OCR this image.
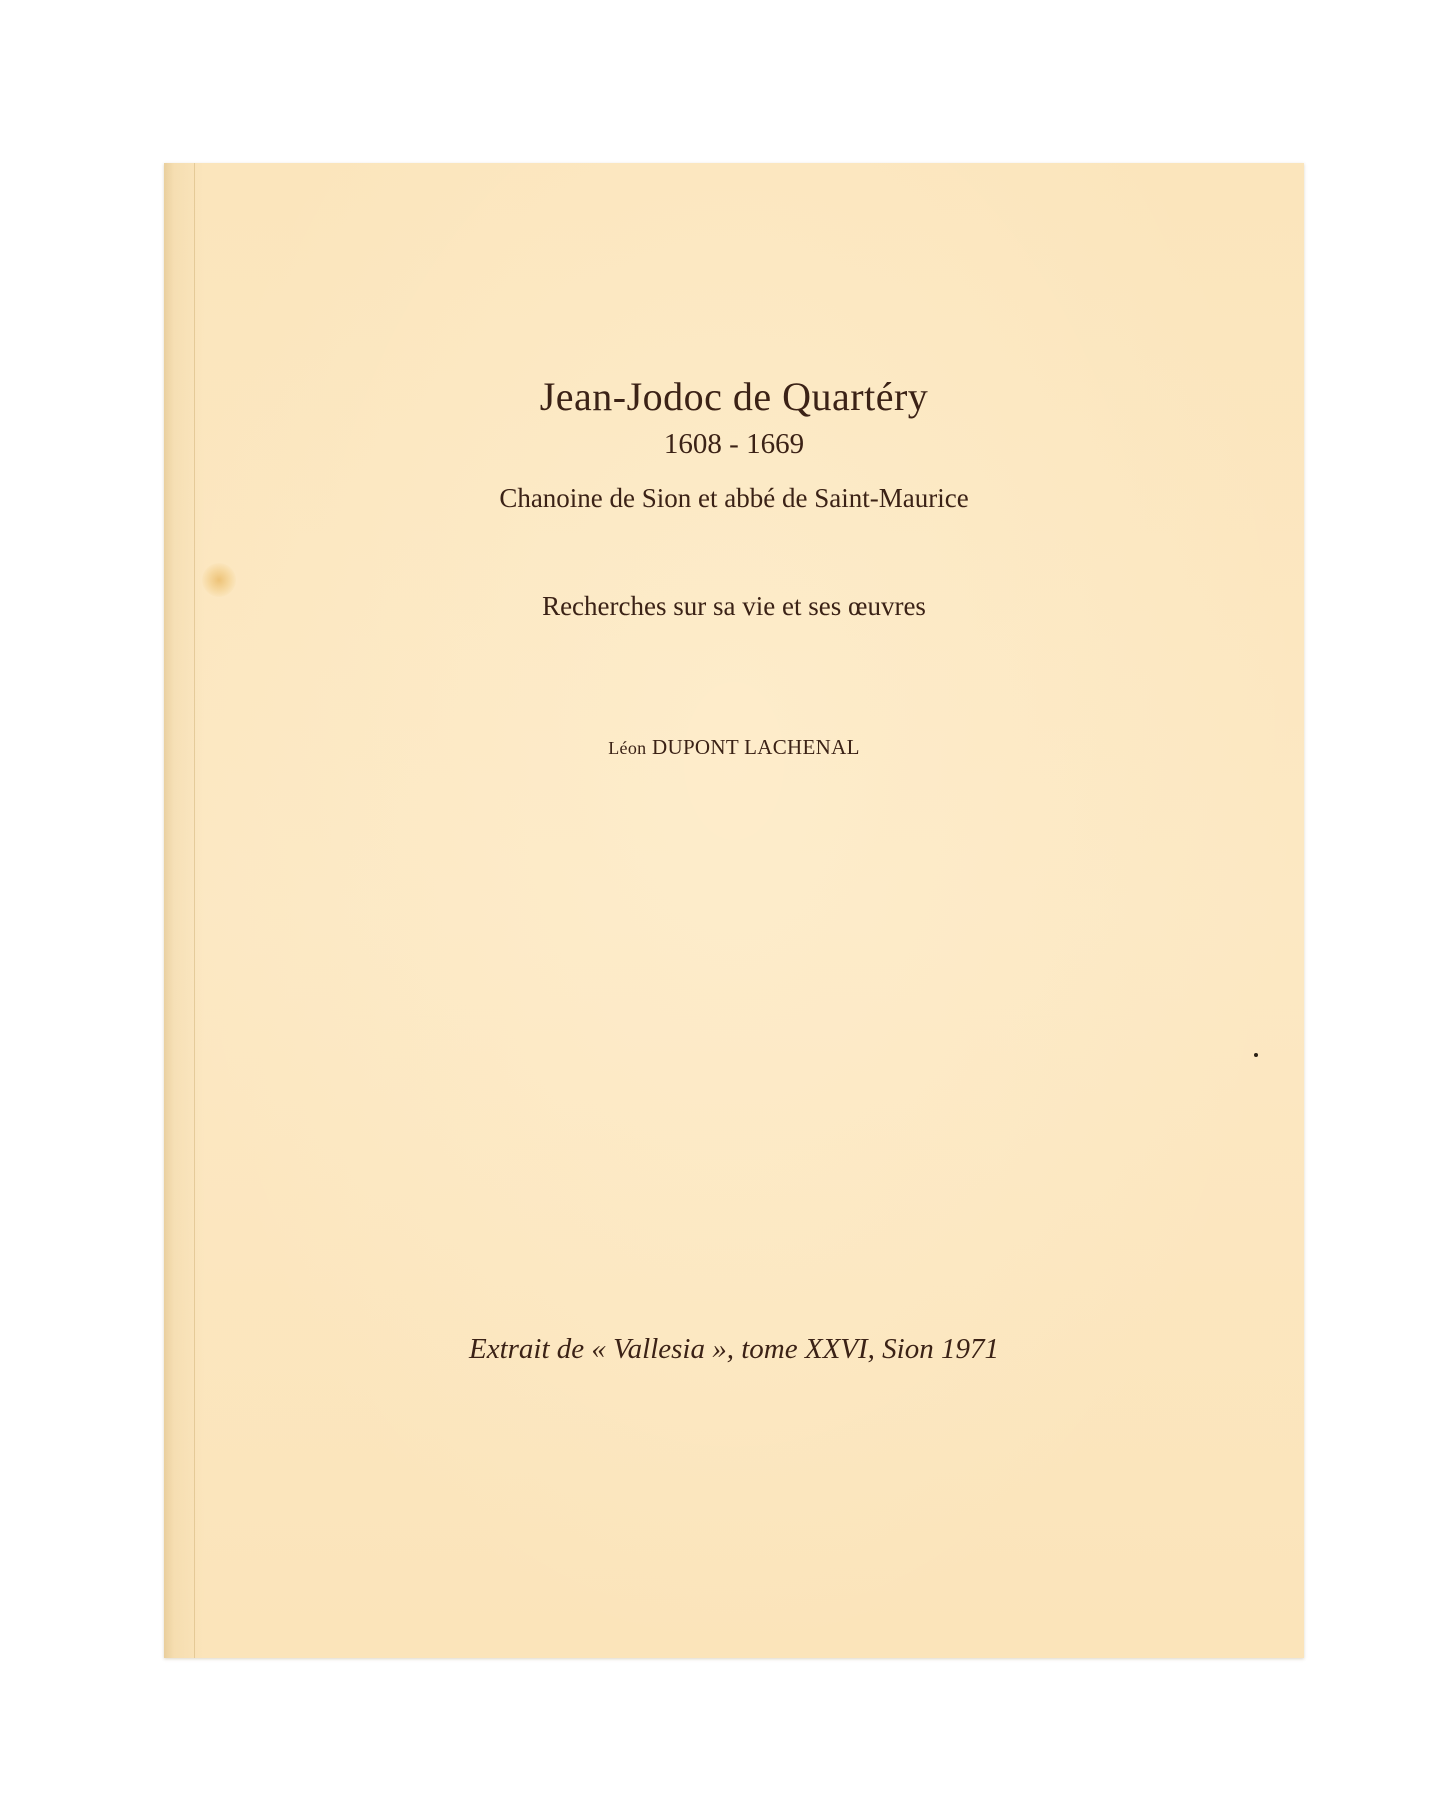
Jean-Jodoc de Quartéry
1608 - 1669
Chanoine de Sion et abbé de Saint-Maurice
Recherches sur sa vie et ses œuvres
Léon DUPONT LACHENAL
Extrait de « Vallesia », tome XXVI, Sion 1971
